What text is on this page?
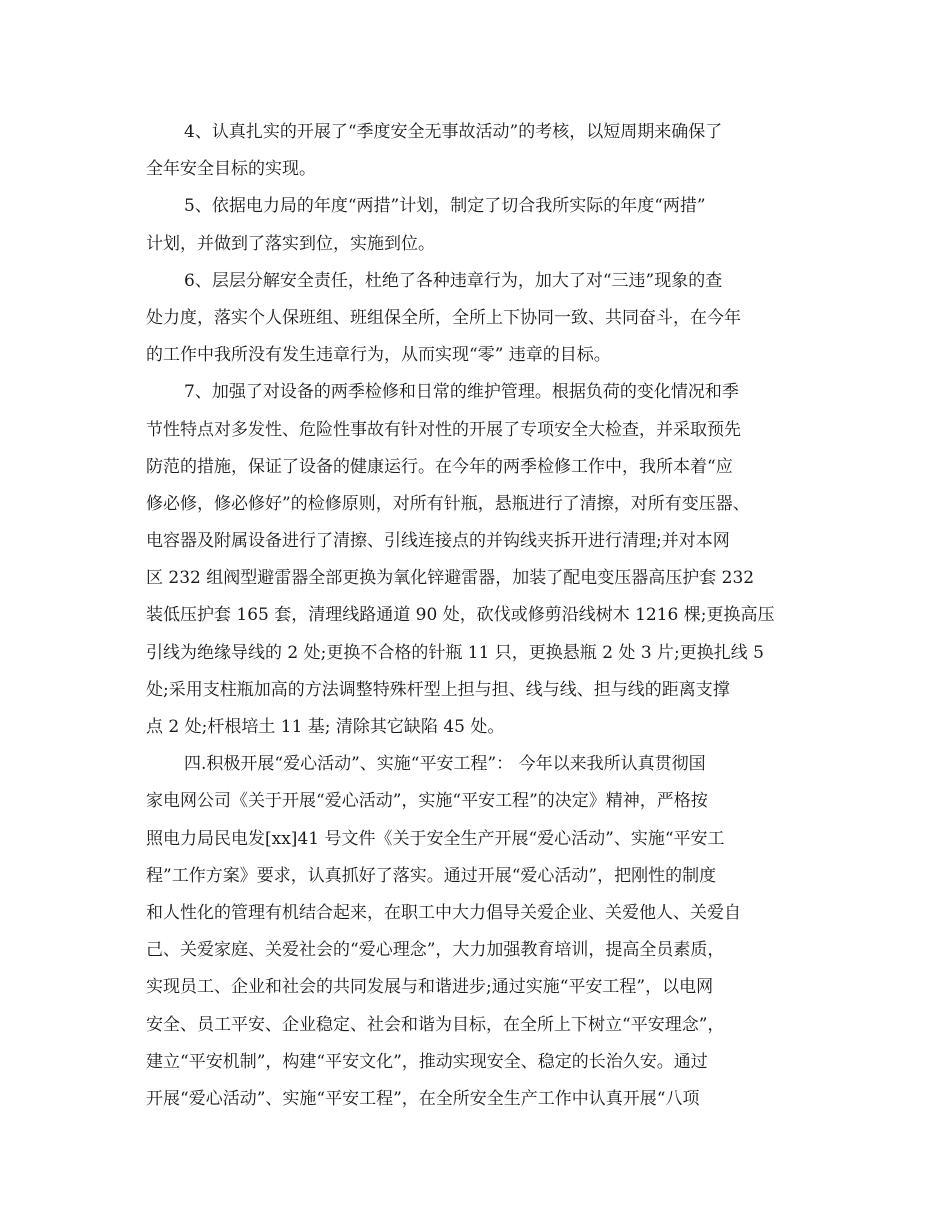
4、认真扎实的开展了“季度安全无事故活动”的考核，以短周期来确保了
全年安全目标的实现。
5、依据电力局的年度“两措”计划，制定了切合我所实际的年度“两措”
计划，并做到了落实到位，实施到位。
6、层层分解安全责任，杜绝了各种违章行为，加大了对“三违”现象的查
处力度，落实个人保班组、班组保全所，全所上下协同一致、共同奋斗，在今年
的工作中我所没有发生违章行为，从而实现“零” 违章的目标。
7、加强了对设备的两季检修和日常的维护管理。根据负荷的变化情况和季
节性特点对多发性、危险性事故有针对性的开展了专项安全大检查，并采取预先
防范的措施，保证了设备的健康运行。在今年的两季检修工作中，我所本着“应
修必修，修必修好”的检修原则，对所有针瓶，悬瓶进行了清擦，对所有变压器、
电容器及附属设备进行了清擦、引线连接点的并钩线夹拆开进行清理;并对本网
区 232 组阀型避雷器全部更换为氧化锌避雷器，加装了配电变压器高压护套 232
装低压护套 165 套，清理线路通道 90 处，砍伐或修剪沿线树木 1216 棵;更换高压
引线为绝缘导线的 2 处;更换不合格的针瓶 11 只，更换悬瓶 2 处 3 片;更换扎线 5
处;采用支柱瓶加高的方法调整特殊杆型上担与担、线与线、担与线的距离支撑
点 2 处;杆根培土 11 基; 清除其它缺陷 45 处。
四.积极开展“爱心活动”、实施“平安工程”： 今年以来我所认真贯彻国
家电网公司《关于开展“爱心活动”，实施“平安工程”的决定》精神，严格按
照电力局民电发[xx]41 号文件《关于安全生产开展“爱心活动”、实施“平安工
程”工作方案》要求，认真抓好了落实。通过开展“爱心活动”，把刚性的制度
和人性化的管理有机结合起来，在职工中大力倡导关爱企业、关爱他人、关爱自
己、关爱家庭、关爱社会的“爱心理念”，大力加强教育培训，提高全员素质，
实现员工、企业和社会的共同发展与和谐进步;通过实施“平安工程”，以电网
安全、员工平安、企业稳定、社会和谐为目标，在全所上下树立“平安理念”，
建立“平安机制”，构建“平安文化”，推动实现安全、稳定的长治久安。通过
开展“爱心活动”、实施“平安工程”，在全所安全生产工作中认真开展“八项
